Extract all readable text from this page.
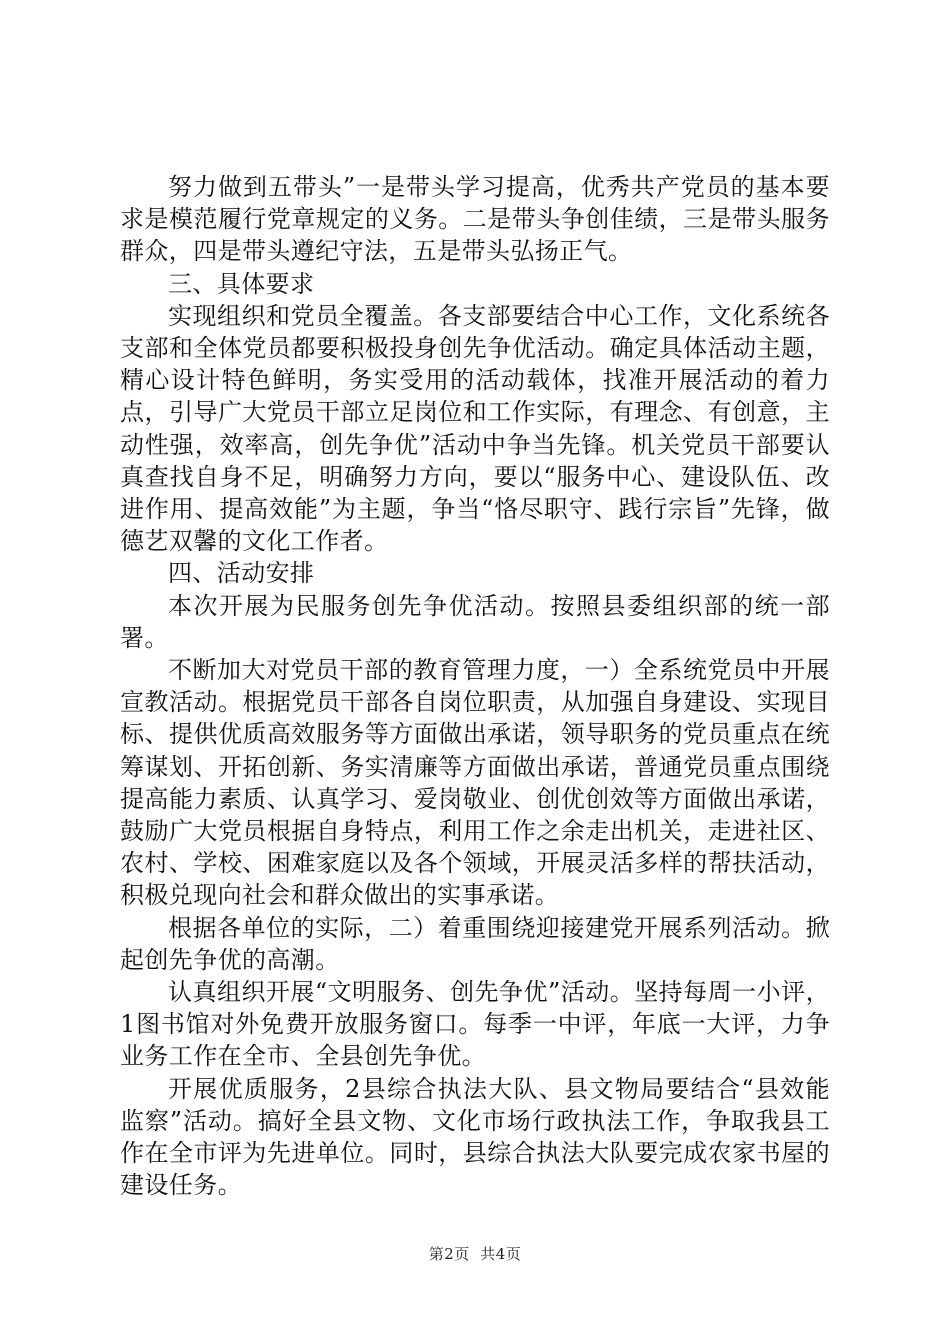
努力做到五带头”一是带头学习提高，优秀共产党员的基本要求是模范履行党章规定的义务。二是带头争创佳绩，三是带头服务群众，四是带头遵纪守法，五是带头弘扬正气。

三、具体要求

实现组织和党员全覆盖。各支部要结合中心工作，文化系统各支部和全体党员都要积极投身创先争优活动。确定具体活动主题，精心设计特色鲜明，务实受用的活动载体，找准开展活动的着力点，引导广大党员干部立足岗位和工作实际，有理念、有创意，主动性强，效率高，创先争优”活动中争当先锋。机关党员干部要认真查找自身不足，明确努力方向，要以“服务中心、建设队伍、改进作用、提高效能”为主题，争当“恪尽职守、践行宗旨”先锋，做德艺双馨的文化工作者。

四、活动安排

本次开展为民服务创先争优活动。按照县委组织部的统一部署。

不断加大对党员干部的教育管理力度，一）全系统党员中开展宣教活动。根据党员干部各自岗位职责，从加强自身建设、实现目标、提供优质高效服务等方面做出承诺，领导职务的党员重点在统筹谋划、开拓创新、务实清廉等方面做出承诺，普通党员重点围绕提高能力素质、认真学习、爱岗敬业、创优创效等方面做出承诺，鼓励广大党员根据自身特点，利用工作之余走出机关，走进社区、农村、学校、困难家庭以及各个领域，开展灵活多样的帮扶活动，积极兑现向社会和群众做出的实事承诺。

根据各单位的实际，二）着重围绕迎接建党开展系列活动。掀起创先争优的高潮。

认真组织开展“文明服务、创先争优”活动。坚持每周一小评，1图书馆对外免费开放服务窗口。每季一中评，年底一大评，力争业务工作在全市、全县创先争优。

开展优质服务，2县综合执法大队、县文物局要结合“县效能监察”活动。搞好全县文物、文化市场行政执法工作，争取我县工作在全市评为先进单位。同时，县综合执法大队要完成农家书屋的建设任务。

第2页  共4页
